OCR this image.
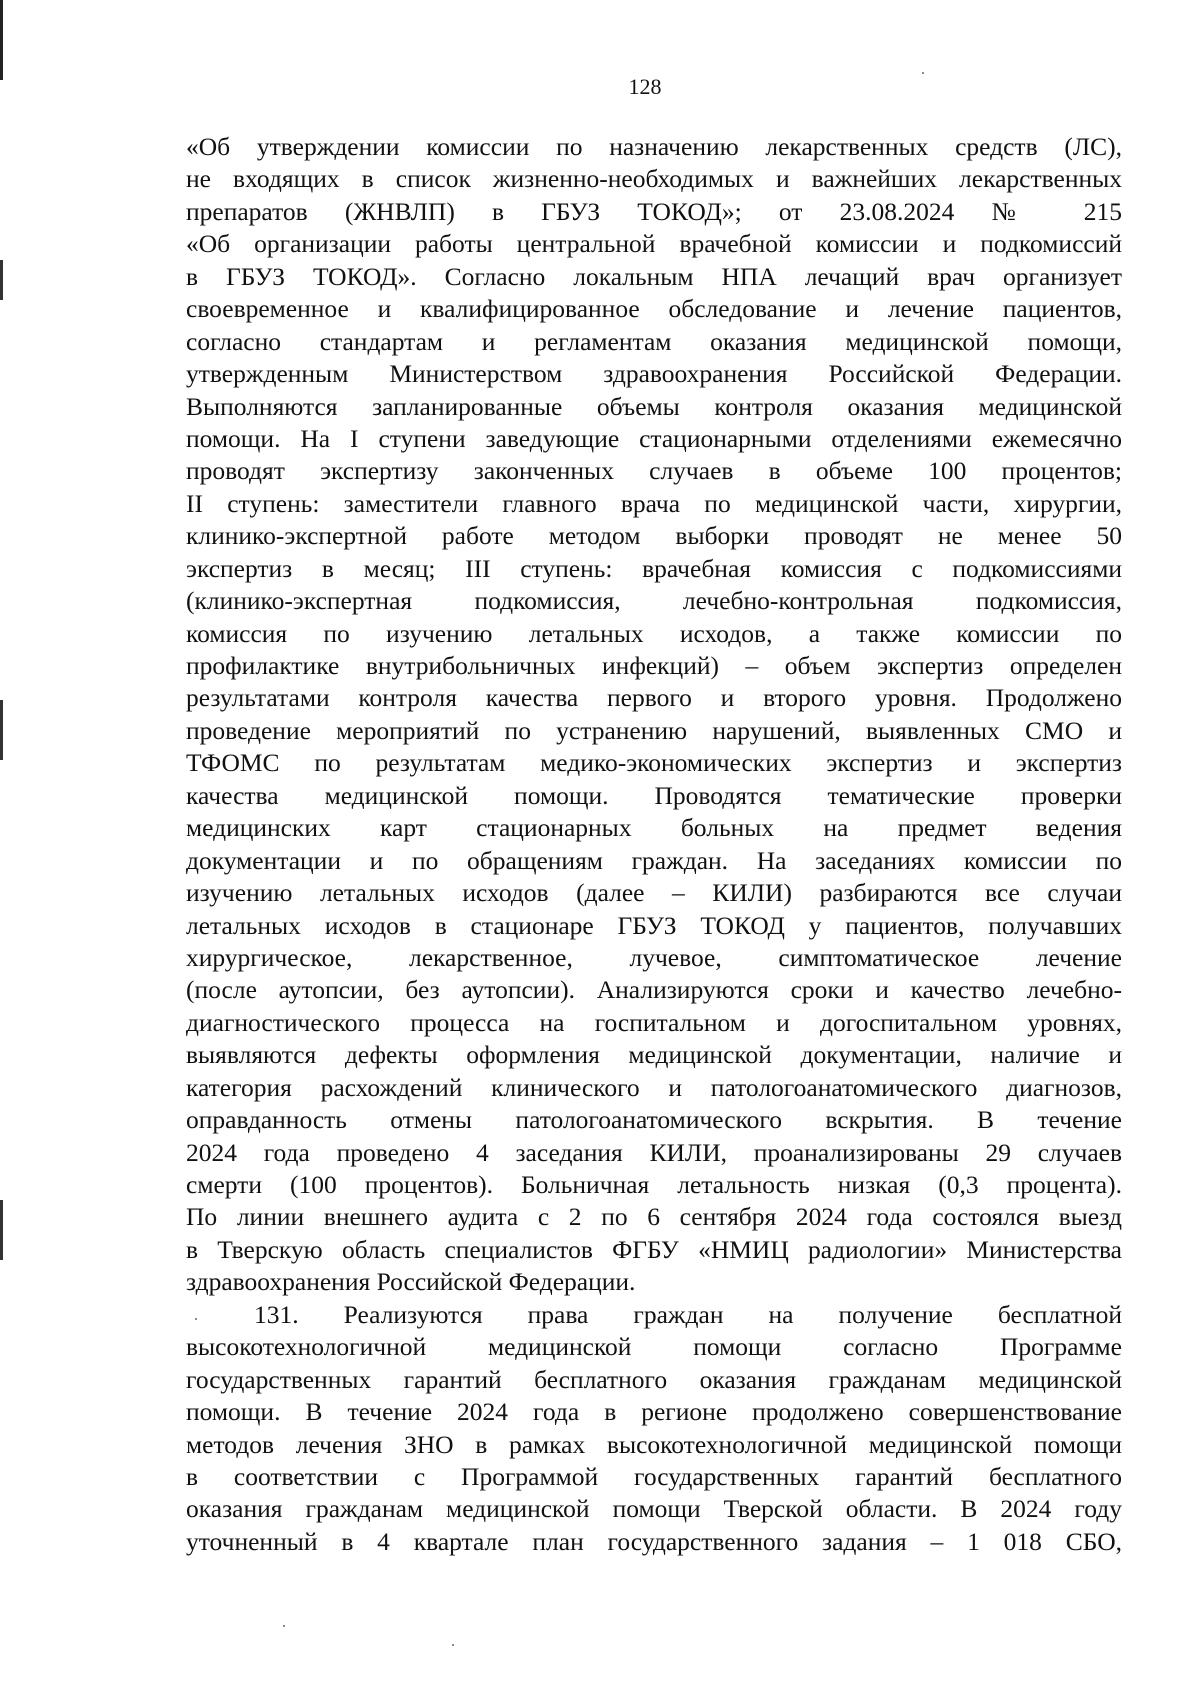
128
«Об утверждении комиссии по назначению лекарственных средств (ЛС),
не входящих в список жизненно-необходимых и важнейших лекарственных
препаратов (ЖНВЛП) в ГБУЗ ТОКОД»; от 23.08.2024 № 215
«Об организации работы центральной врачебной комиссии и подкомиссий
в ГБУЗ ТОКОД». Согласно локальным НПА лечащий врач организует
своевременное и квалифицированное обследование и лечение пациентов,
согласно стандартам и регламентам оказания медицинской помощи,
утвержденным Министерством здравоохранения Российской Федерации.
Выполняются запланированные объемы контроля оказания медицинской
помощи. На I ступени заведующие стационарными отделениями ежемесячно
проводят экспертизу законченных случаев в объеме 100 процентов;
II ступень: заместители главного врача по медицинской части, хирургии,
клинико-экспертной работе методом выборки проводят не менее 50
экспертиз в месяц; III ступень: врачебная комиссия с подкомиссиями
(клинико-экспертная подкомиссия, лечебно-контрольная подкомиссия,
комиссия по изучению летальных исходов, а также комиссии по
профилактике внутрибольничных инфекций) – объем экспертиз определен
результатами контроля качества первого и второго уровня. Продолжено
проведение мероприятий по устранению нарушений, выявленных СМО и
ТФОМС по результатам медико-экономических экспертиз и экспертиз
качества медицинской помощи. Проводятся тематические проверки
медицинских карт стационарных больных на предмет ведения
документации и по обращениям граждан. На заседаниях комиссии по
изучению летальных исходов (далее – КИЛИ) разбираются все случаи
летальных исходов в стационаре ГБУЗ ТОКОД у пациентов, получавших
хирургическое, лекарственное, лучевое, симптоматическое лечение
(после аутопсии, без аутопсии). Анализируются сроки и качество лечебно-
диагностического процесса на госпитальном и догоспитальном уровнях,
выявляются дефекты оформления медицинской документации, наличие и
категория расхождений клинического и патологоанатомического диагнозов,
оправданность отмены патологоанатомического вскрытия. В течение
2024 года проведено 4 заседания КИЛИ, проанализированы 29 случаев
смерти (100 процентов). Больничная летальность низкая (0,3 процента).
По линии внешнего аудита с 2 по 6 сентября 2024 года состоялся выезд
в Тверскую область специалистов ФГБУ «НМИЦ радиологии» Министерства
здравоохранения Российской Федерации.
131. Реализуются права граждан на получение бесплатной
высокотехнологичной медицинской помощи согласно Программе
государственных гарантий бесплатного оказания гражданам медицинской
помощи. В течение 2024 года в регионе продолжено совершенствование
методов лечения ЗНО в рамках высокотехнологичной медицинской помощи
в соответствии с Программой государственных гарантий бесплатного
оказания гражданам медицинской помощи Тверской области. В 2024 году
уточненный в 4 квартале план государственного задания – 1 018 СБО,
